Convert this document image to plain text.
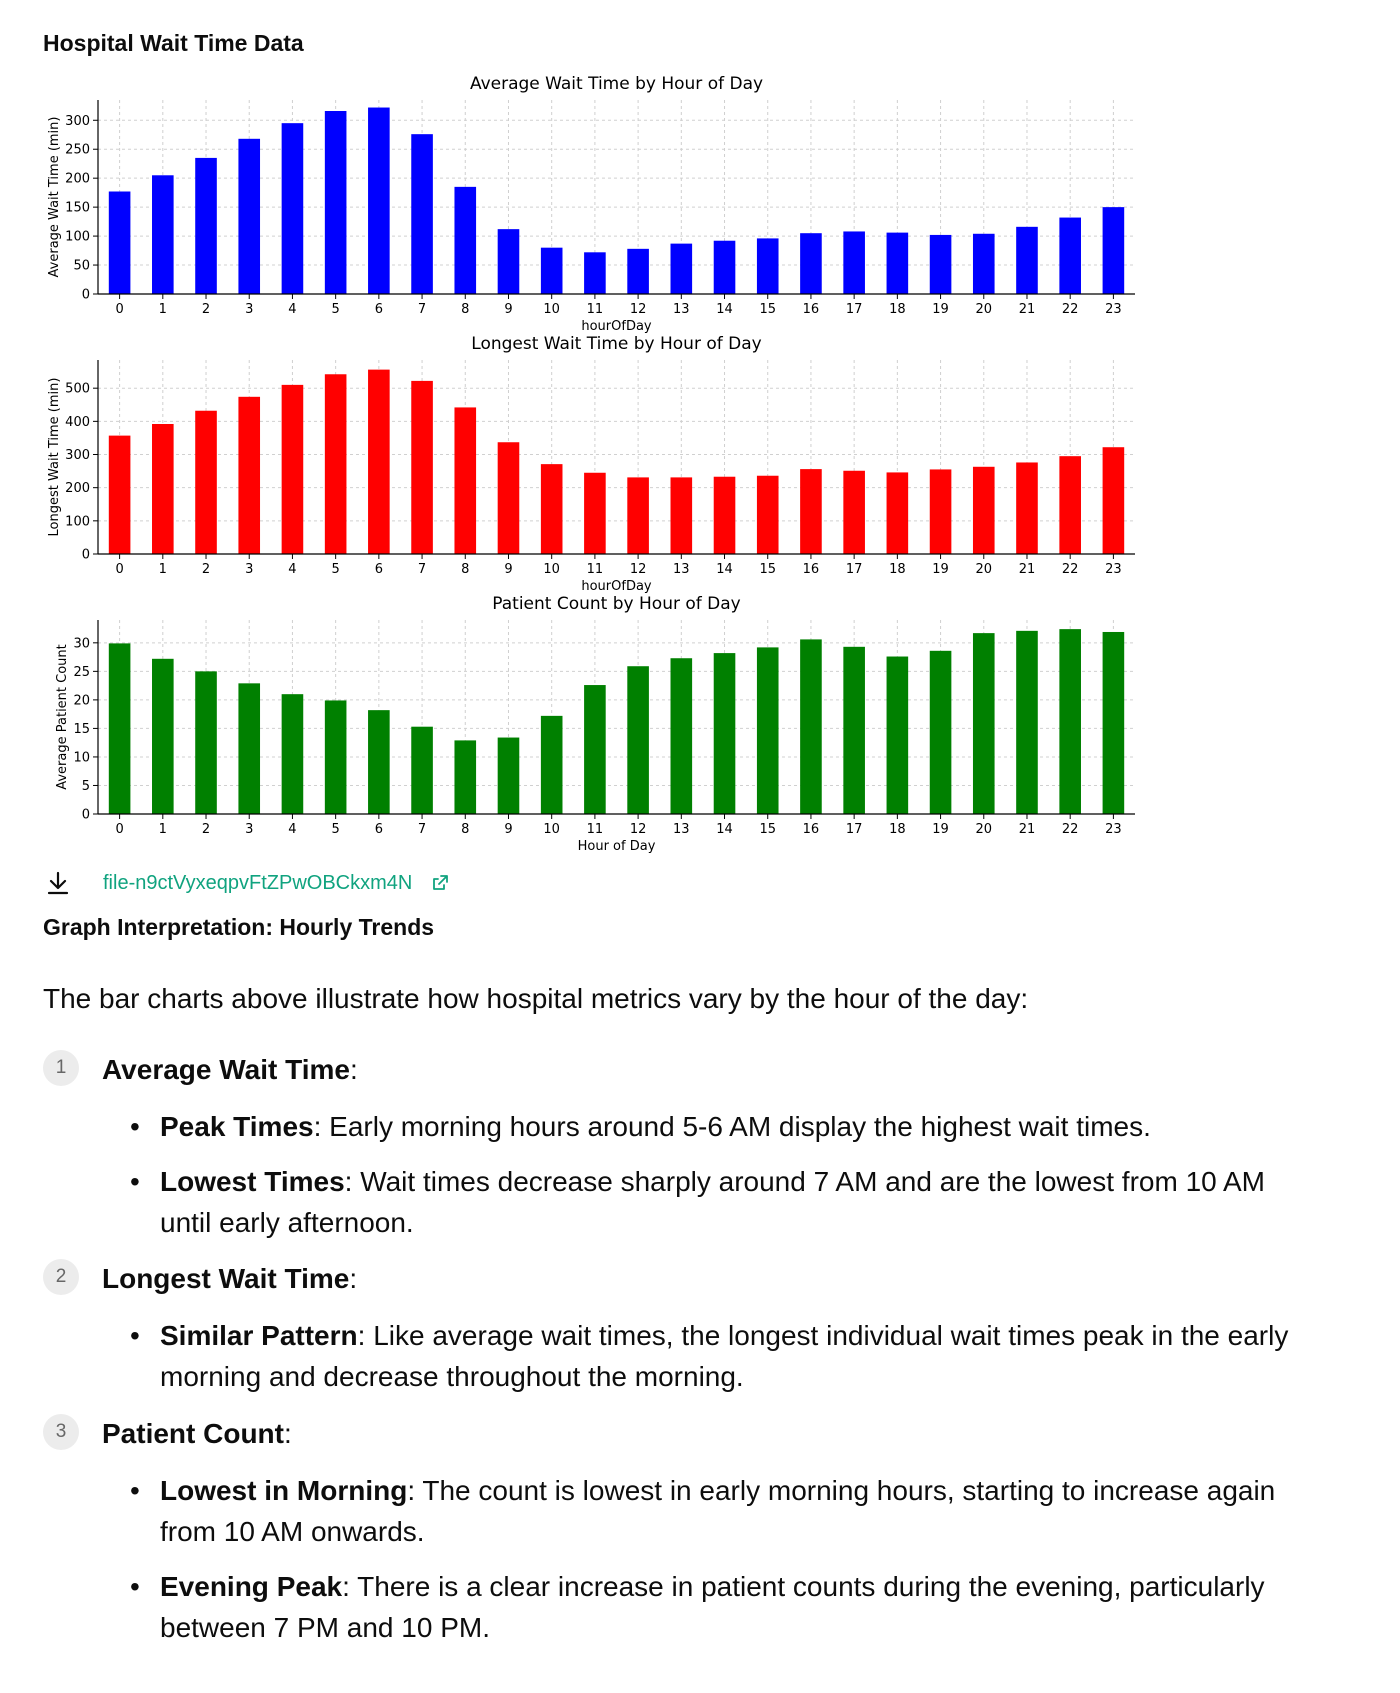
Hospital Wait Time Data
0
50
100
150
200
250
300
0	1	2	3	4	5	6	7	8	9 10 11 12 13 14 15 16 17 18 19 20 21 22 23
Average Wait Time by Hour of Day
hourOfDay
Average Wait Time (min)
0
100
200
300
400
500
0	1	2	3	4	5	6	7	8	9 10 11 12 13 14 15 16 17 18 19 20 21 22 23
Longest Wait Time by Hour of Day
hourOfDay
Longest Wait Time (min)
0
5
10
15
20
25
30
0	1	2	3	4	5	6	7	8	9 10 11 12 13 14 15 16 17 18 19 20 21 22 23
Patient Count by Hour of Day
Hour of Day
Average Patient Count
file-n9ctVyxeqpvFtZPwOBCkxm4N
Graph Interpretation: Hourly Trends

The bar charts above illustrate how hospital metrics vary by the hour of the day:

1	Average Wait Time:

• Peak Times: Early morning hours around 5-6 AM display the highest wait times.
• Lowest Times: Wait times decrease sharply around 7 AM and are the lowest from 10 AM
until early afternoon.
2	Longest Wait Time:

• Similar Pattern: Like average wait times, the longest individual wait times peak in the early
morning and decrease throughout the morning.
3	Patient Count:

• Lowest in Morning: The count is lowest in early morning hours, starting to increase again
from 10 AM onwards.
• Evening Peak: There is a clear increase in patient counts during the evening, particularly
between 7 PM and 10 PM.
